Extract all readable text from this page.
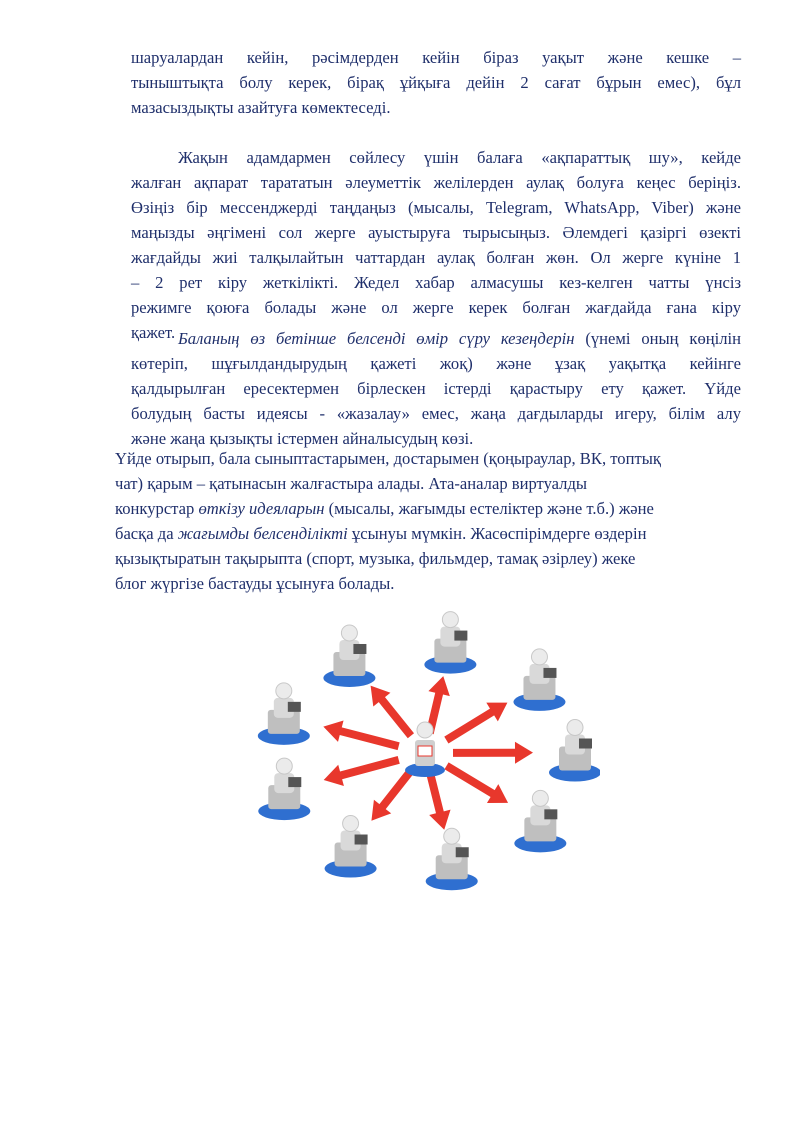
шаруалардан кейін, рәсімдерден кейін біраз уақыт және кешке –
тыныштықта болу керек, бірақ ұйқыға дейін 2 сағат бұрын емес), бұл
мазасыздықты азайтуға көмектеседі.
Жақын адамдармен сөйлесу үшін балаға «ақпараттық шу», кейде
жалған ақпарат тарататын әлеуметтік желілерден аулақ болуға кеңес беріңіз.
Өзіңіз бір мессенджерді таңдаңыз (мысалы, Telegram, WhatsApp, Viber) және
маңызды әңгімені сол жерге ауыстыруға тырысыңыз. Әлемдегі қазіргі өзекті
жағдайды жиі талқылайтын чаттардан аулақ болған жөн. Ол жерге күніне 1
– 2 рет кіру жеткілікті. Жедел хабар алмасушы кез-келген чатты үнсіз
режимге қоюға болады және ол жерге керек болған жағдайда ғана кіру
қажет. Баланың өз бетінше белсенді өмір сүру кезеңдерін (үнемі оның көңілін
көтеріп, шұғылдандырудың қажеті жоқ) және ұзақ уақытқа кейінге
қалдырылған ересектермен бірлескен істерді қарастыру ету қажет. Үйде
болудың басты идеясы - «жазалау» емес, жаңа дағдыларды игеру, білім алу
және жаңа қызықты істермен айналысудың көзі.
Үйде отырып, бала сыныптастарымен, достарымен (қоңыраулар, ВК, топтық
чат) қарым – қатынасын жалғастыра алады. Ата-аналар виртуалды
конкурстар өткізу идеяларын (мысалы, жағымды естеліктер және т.б.) және
басқа да жағымды белсенділікті ұсынуы мүмкін. Жасөспірімдерге өздерін
қызықтыратын тақырыпта (спорт, музыка, фильмдер, тамақ әзірлеу) жеке
блог жүргізе бастауды ұсынуға болады.
